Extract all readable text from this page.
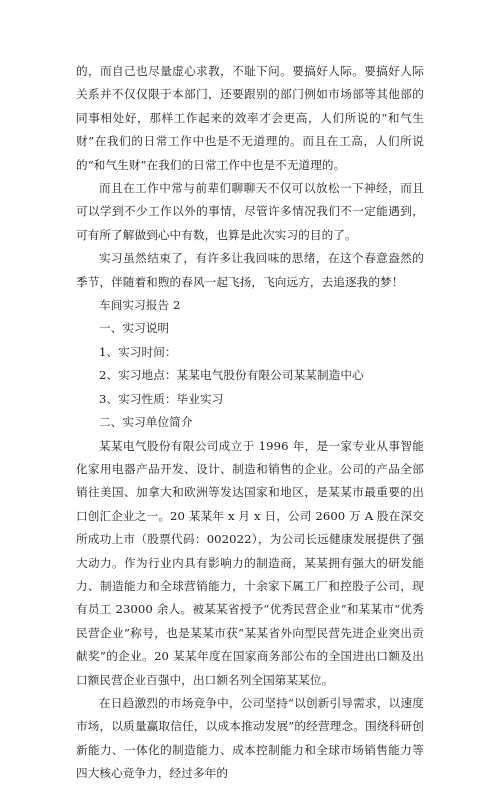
的，而自己也尽量虚心求教，不耻下问。要搞好人际。要搞好人际关系并不仅仅限于本部门，还要跟别的部门例如市场部等其他部的同事相处好，那样工作起来的效率才会更高，人们所说的“和气生财”在我们的日常工作中也是不无道理的。而且在工高，人们所说的“和气生财”在我们的日常工作中也是不无道理的。

而且在工作中常与前辈们聊聊天不仅可以放松一下神经，而且可以学到不少工作以外的事情，尽管许多情况我们不一定能遇到，可有所了解做到心中有数，也算是此次实习的目的了。

实习虽然结束了，有许多让我回味的思绪，在这个春意盎然的季节，伴随着和煦的春风一起飞扬，飞向远方，去追逐我的梦！

车间实习报告 2

一、实习说明

1、实习时间：

2、实习地点：某某电气股份有限公司某某制造中心

3、实习性质：毕业实习

二、实习单位简介

某某电气股份有限公司成立于 1996 年，是一家专业从事智能化家用电器产品开发、设计、制造和销售的企业。公司的产品全部销往美国、加拿大和欧洲等发达国家和地区，是某某市最重要的出口创汇企业之一。20 某某年 x 月 x 日，公司 2600 万 A 股在深交所成功上市（股票代码：002022），为公司长远健康发展提供了强大动力。作为行业内具有影响力的制造商，某某拥有强大的研发能力、制造能力和全球营销能力，十余家下属工厂和控股子公司，现有员工 23000 余人。被某某省授予“优秀民营企业”和某某市“优秀民营企业”称号，也是某某市获“某某省外向型民营先进企业突出贡献奖”的企业。20 某某年度在国家商务部公布的全国进出口额及出口额民营企业百强中，出口额名列全国第某某位。

在日趋激烈的市场竞争中，公司坚持“以创新引导需求，以速度市场，以质量赢取信任，以成本推动发展”的经营理念。围绕科研创新能力、一体化的制造能力、成本控制能力和全球市场销售能力等四大核心竞争力，经过多年的
